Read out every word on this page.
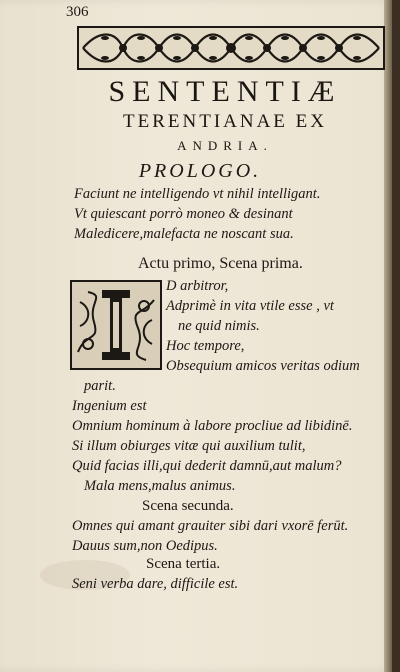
306
SENTENTIÆ
TERENTIANAE EX
ANDRIA.
PROLOGO.
Faciunt ne intelligendo vt nihil intelligant.
Vt quiescant porrò moneo & desinant
Maledicere,malefacta ne noscant sua.
Actu primo, Scena prima.
D arbitror,
Adprimè in vita vtile esse , vt
ne quid nimis.
Hoc tempore,
Obsequium amicos veritas odium
parit.
Ingenium est
Omnium hominum à labore procliue ad libidinē.
Si illum obiurges vitæ qui auxilium tulit,
Quid facias illi,qui dederit damnū,aut malum?
Mala mens,malus animus.
Scena secunda.
Omnes qui amant grauiter sibi dari vxorē ferūt.
Dauus sum,non Oedipus.
Scena tertia.
Seni verba dare, difficile est.
